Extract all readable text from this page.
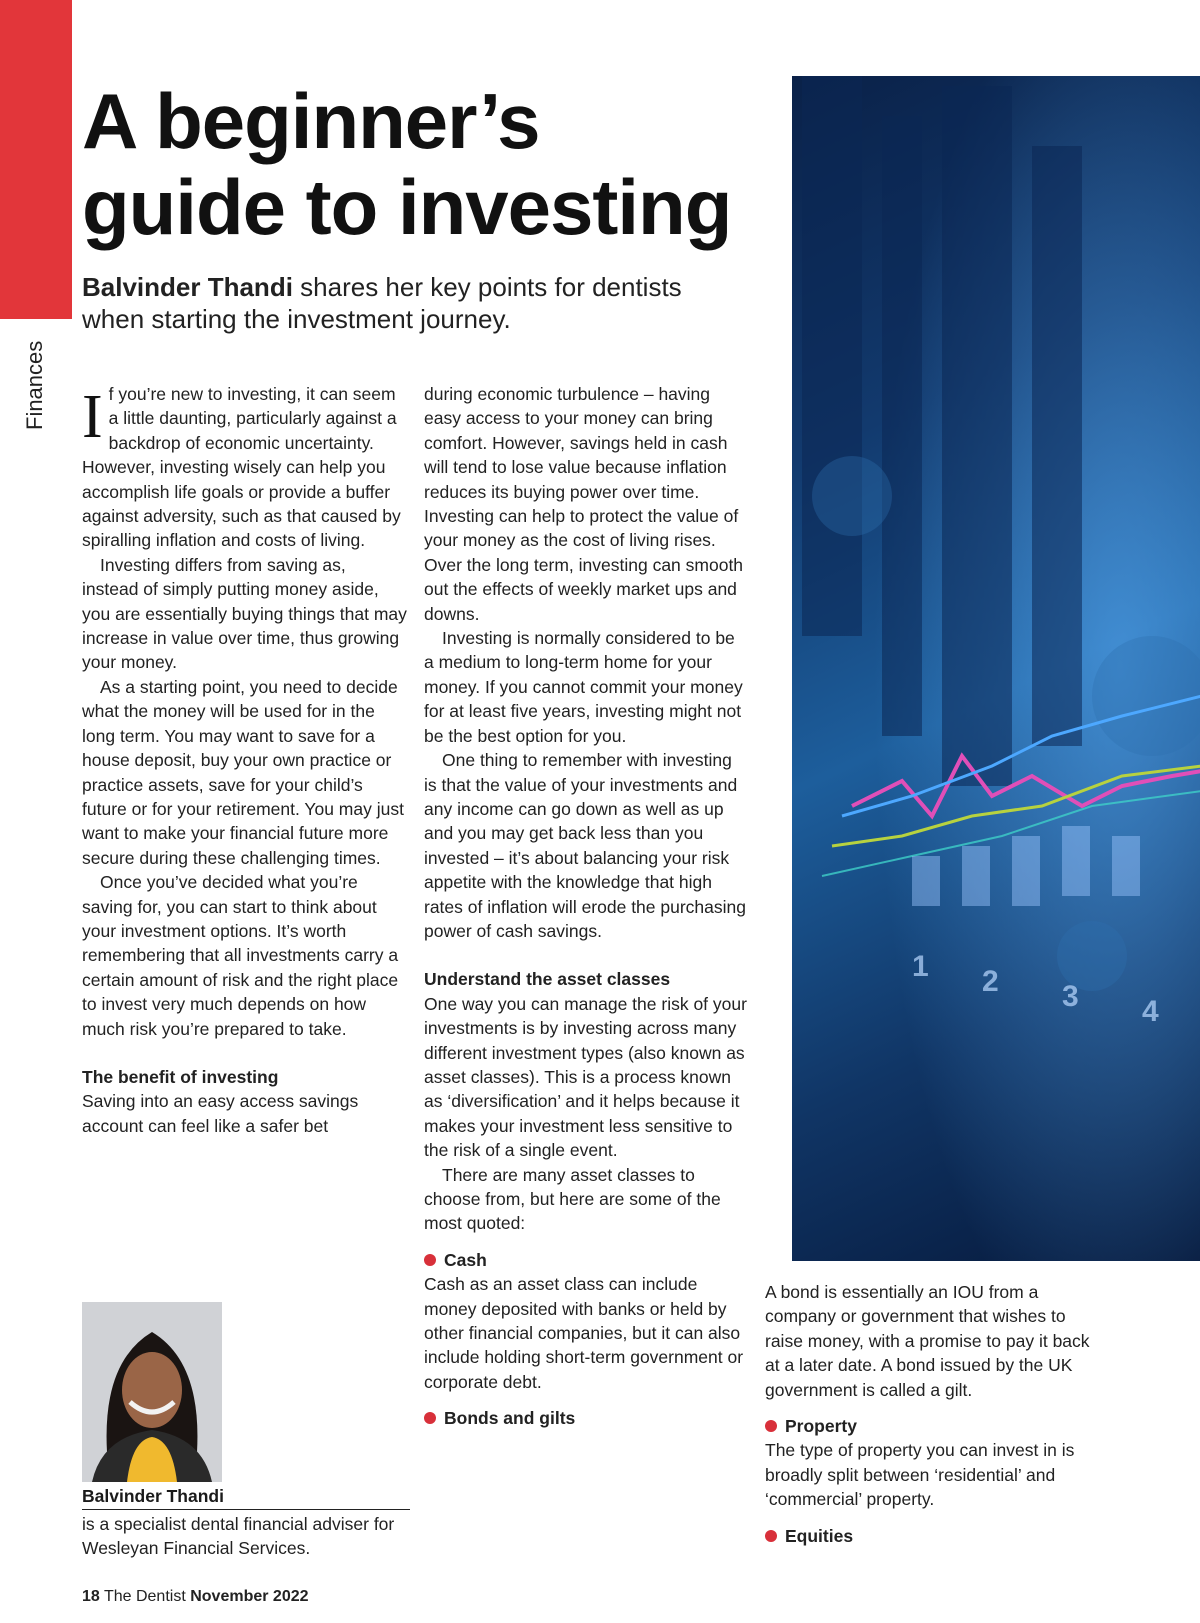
Finances
A beginner’s guide to investing

Balvinder Thandi shares her key points for dentists when starting the investment journey.

If you’re new to investing, it can seem a little daunting, particularly against a backdrop of economic uncertainty. However, investing wisely can help you accomplish life goals or provide a buffer against adversity, such as that caused by spiralling inflation and costs of living.

Investing differs from saving as, instead of simply putting money aside, you are essentially buying things that may increase in value over time, thus growing your money.

As a starting point, you need to decide what the money will be used for in the long term. You may want to save for a house deposit, buy your own practice or practice assets, save for your child’s future or for your retirement. You may just want to make your financial future more secure during these challenging times.

Once you’ve decided what you’re saving for, you can start to think about your investment options. It’s worth remembering that all investments carry a certain amount of risk and the right place to invest very much depends on how much risk you’re prepared to take.

The benefit of investing

Saving into an easy access savings account can feel like a safer bet

during economic turbulence – having easy access to your money can bring comfort. However, savings held in cash will tend to lose value because inflation reduces its buying power over time. Investing can help to protect the value of your money as the cost of living rises. Over the long term, investing can smooth out the effects of weekly market ups and downs.

Investing is normally considered to be a medium to long-term home for your money. If you cannot commit your money for at least five years, investing might not be the best option for you.

One thing to remember with investing is that the value of your investments and any income can go down as well as up and you may get back less than you invested – it’s about balancing your risk appetite with the knowledge that high rates of inflation will erode the purchasing power of cash savings.

Understand the asset classes

One way you can manage the risk of your investments is by investing across many different investment types (also known as asset classes). This is a process known as ‘diversification’ and it helps because it makes your investment less sensitive to the risk of a single event.

There are many asset classes to choose from, but here are some of the most quoted:

Cash

Cash as an asset class can include money deposited with banks or held by other financial companies, but it can also include holding short-term government or corporate debt.

Bonds and gilts

A bond is essentially an IOU from a company or government that wishes to raise money, with a promise to pay it back at a later date. A bond issued by the UK government is called a gilt.

Property

The type of property you can invest in is broadly split between ‘residential’ and ‘commercial’ property.

Equities

1 2 3 4
Balvinder Thandi
is a specialist dental financial adviser for Wesleyan Financial Services.
18 The Dentist November 2022
